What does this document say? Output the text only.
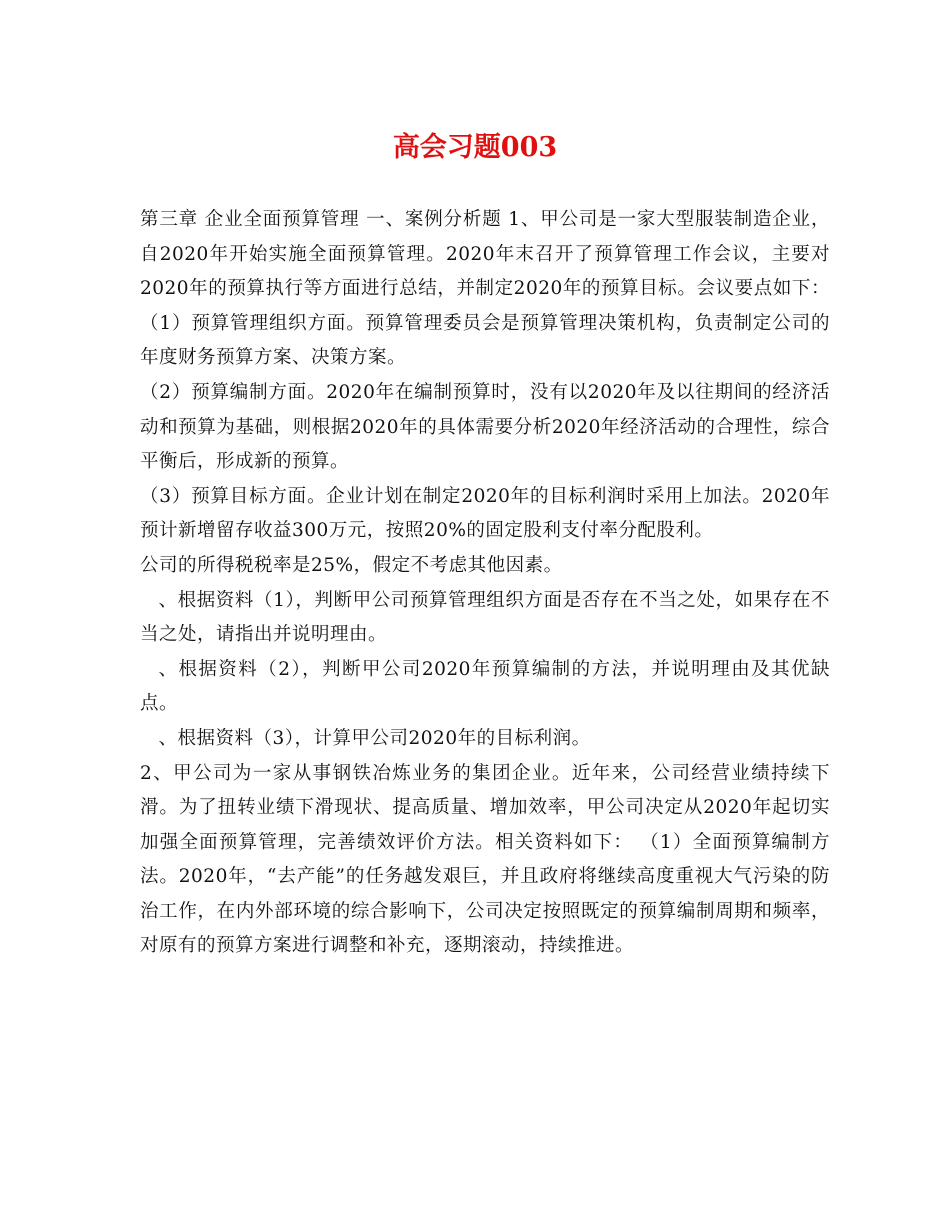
高会习题003

第三章 企业全面预算管理 一、案例分析题 1、甲公司是一家大型服装制造企业，自2020年开始实施全面预算管理。2020年末召开了预算管理工作会议，主要对2020年的预算执行等方面进行总结，并制定2020年的预算目标。会议要点如下： （1）预算管理组织方面。预算管理委员会是预算管理决策机构，负责制定公司的年度财务预算方案、决策方案。

（2）预算编制方面。2020年在编制预算时，没有以2020年及以往期间的经济活动和预算为基础，则根据2020年的具体需要分析2020年经济活动的合理性，综合平衡后，形成新的预算。

（3）预算目标方面。企业计划在制定2020年的目标利润时采用上加法。2020年预计新增留存收益300万元，按照20%的固定股利支付率分配股利。

公司的所得税税率是25%，假定不考虑其他因素。

、根据资料（1），判断甲公司预算管理组织方面是否存在不当之处，如果存在不当之处，请指出并说明理由。

、根据资料（2），判断甲公司2020年预算编制的方法，并说明理由及其优缺点。

、根据资料（3），计算甲公司2020年的目标利润。

2、甲公司为一家从事钢铁冶炼业务的集团企业。近年来，公司经营业绩持续下滑。为了扭转业绩下滑现状、提高质量、增加效率，甲公司决定从2020年起切实加强全面预算管理，完善绩效评价方法。相关资料如下： （1）全面预算编制方法。2020年，“去产能”的任务越发艰巨，并且政府将继续高度重视大气污染的防治工作，在内外部环境的综合影响下，公司决定按照既定的预算编制周期和频率，对原有的预算方案进行调整和补充，逐期滚动，持续推进。
